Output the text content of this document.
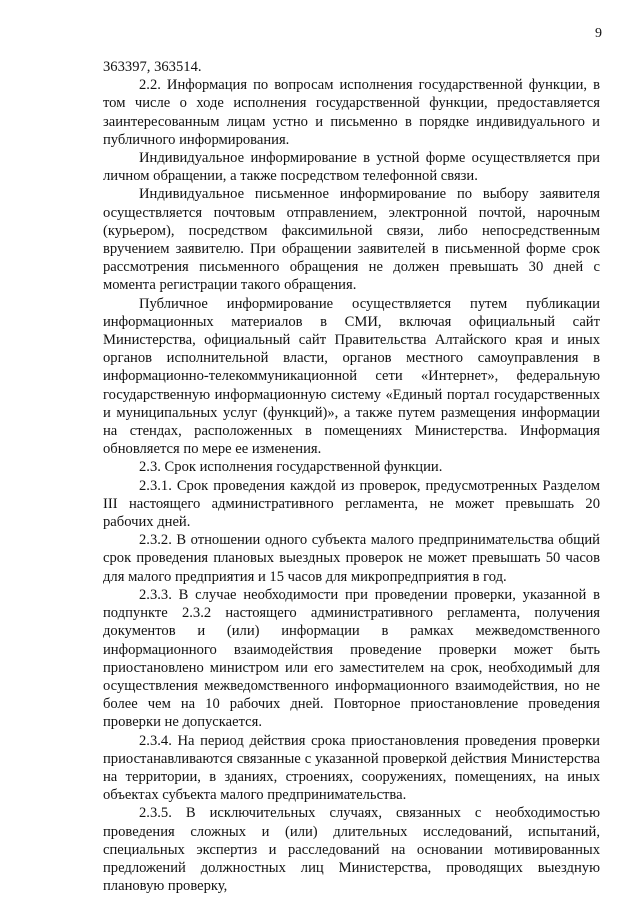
9

363397, 363514.

2.2. Информация по вопросам исполнения государственной функции, в том числе о ходе исполнения государственной функции, предоставляется заинтересованным лицам устно и письменно в порядке индивидуального и публичного информирования.

Индивидуальное информирование в устной форме осуществляется при личном обращении, а также посредством телефонной связи.

Индивидуальное письменное информирование по выбору заявителя осуществляется почтовым отправлением, электронной почтой, нарочным (курьером), посредством факсимильной связи, либо непосредственным вручением заявителю. При обращении заявителей в письменной форме срок рассмотрения письменного обращения не должен превышать 30 дней с момента регистрации такого обращения.

Публичное информирование осуществляется путем публикации информационных материалов в СМИ, включая официальный сайт Министерства, официальный сайт Правительства Алтайского края и иных органов исполнительной власти, органов местного самоуправления в информационно-телекоммуникационной сети «Интернет», федеральную государственную информационную систему «Единый портал государственных и муниципальных услуг (функций)», а также путем размещения информации на стендах, расположенных в помещениях Министерства. Информация обновляется по мере ее изменения.

2.3. Срок исполнения государственной функции.

2.3.1. Срок проведения каждой из проверок, предусмотренных Разделом III настоящего административного регламента, не может превышать 20 рабочих дней.

2.3.2. В отношении одного субъекта малого предпринимательства общий срок проведения плановых выездных проверок не может превышать 50 часов для малого предприятия и 15 часов для микропредприятия в год.

2.3.3. В случае необходимости при проведении проверки, указанной в подпункте 2.3.2 настоящего административного регламента, получения документов и (или) информации в рамках межведомственного информационного взаимодействия проведение проверки может быть приостановлено министром или его заместителем на срок, необходимый для осуществления межведомственного информационного взаимодействия, но не более чем на 10 рабочих дней. Повторное приостановление проведения проверки не допускается.

2.3.4. На период действия срока приостановления проведения проверки приостанавливаются связанные с указанной проверкой действия Министерства на территории, в зданиях, строениях, сооружениях, помещениях, на иных объектах субъекта малого предпринимательства.

2.3.5. В исключительных случаях, связанных с необходимостью проведения сложных и (или) длительных исследований, испытаний, специальных экспертиз и расследований на основании мотивированных предложений должностных лиц Министерства, проводящих выездную плановую проверку,
